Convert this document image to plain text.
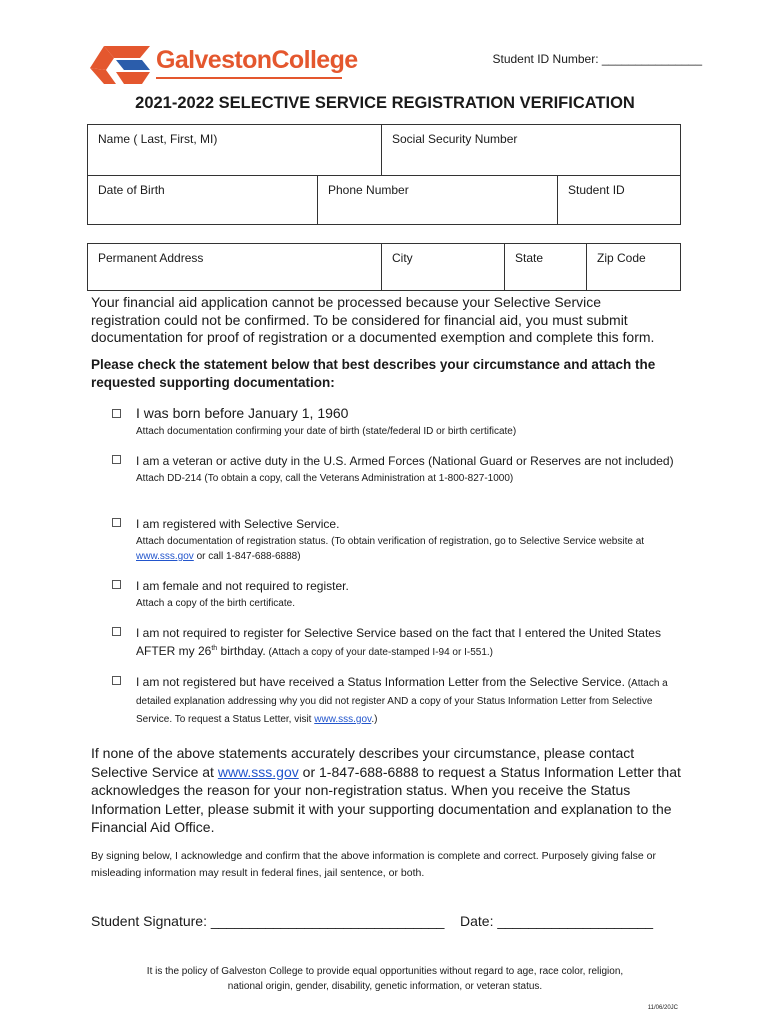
GalvestonCollege	Student ID Number: _______________
2021-2022 SELECTIVE SERVICE REGISTRATION VERIFICATION
Name ( Last, First, MI)		Social Security Number	
Date of Birth	Phone Number		Student ID
Permanent Address	City	State	Zip Code
Your financial aid application cannot be processed because your Selective Service registration could not be confirmed. To be considered for financial aid, you must submit documentation for proof of registration or a documented exemption and complete this form.
Please check the statement below that best describes your circumstance and attach the requested supporting documentation:
I was born before January 1, 1960
Attach documentation confirming your date of birth (state/federal ID or birth certificate)
I am a veteran or active duty in the U.S. Armed Forces (National Guard or Reserves are not included)
Attach DD-214 (To obtain a copy, call the Veterans Administration at 1-800-827-1000)
I am registered with Selective Service.
Attach documentation of registration status. (To obtain verification of registration, go to Selective Service website at www.sss.gov or call 1-847-688-6888)
I am female and not required to register.
Attach a copy of the birth certificate.
I am not required to register for Selective Service based on the fact that I entered the United States AFTER my 26th birthday. (Attach a copy of your date-stamped I-94 or I-551.)
I am not registered but have received a Status Information Letter from the Selective Service. (Attach a detailed explanation addressing why you did not register AND a copy of your Status Information Letter from Selective Service. To request a Status Letter, visit www.sss.gov.)
If none of the above statements accurately describes your circumstance, please contact Selective Service at www.sss.gov or 1-847-688-6888 to request a Status Information Letter that acknowledges the reason for your non-registration status. When you receive the Status Information Letter, please submit it with your supporting documentation and explanation to the Financial Aid Office.
By signing below, I acknowledge and confirm that the above information is complete and correct. Purposely giving false or misleading information may result in federal fines, jail sentence, or both.
Student Signature: ______________________________ Date: ____________________
It is the policy of Galveston College to provide equal opportunities without regard to age, race color, religion,
national origin, gender, disability, genetic information, or veteran status.
11/06/20JC
